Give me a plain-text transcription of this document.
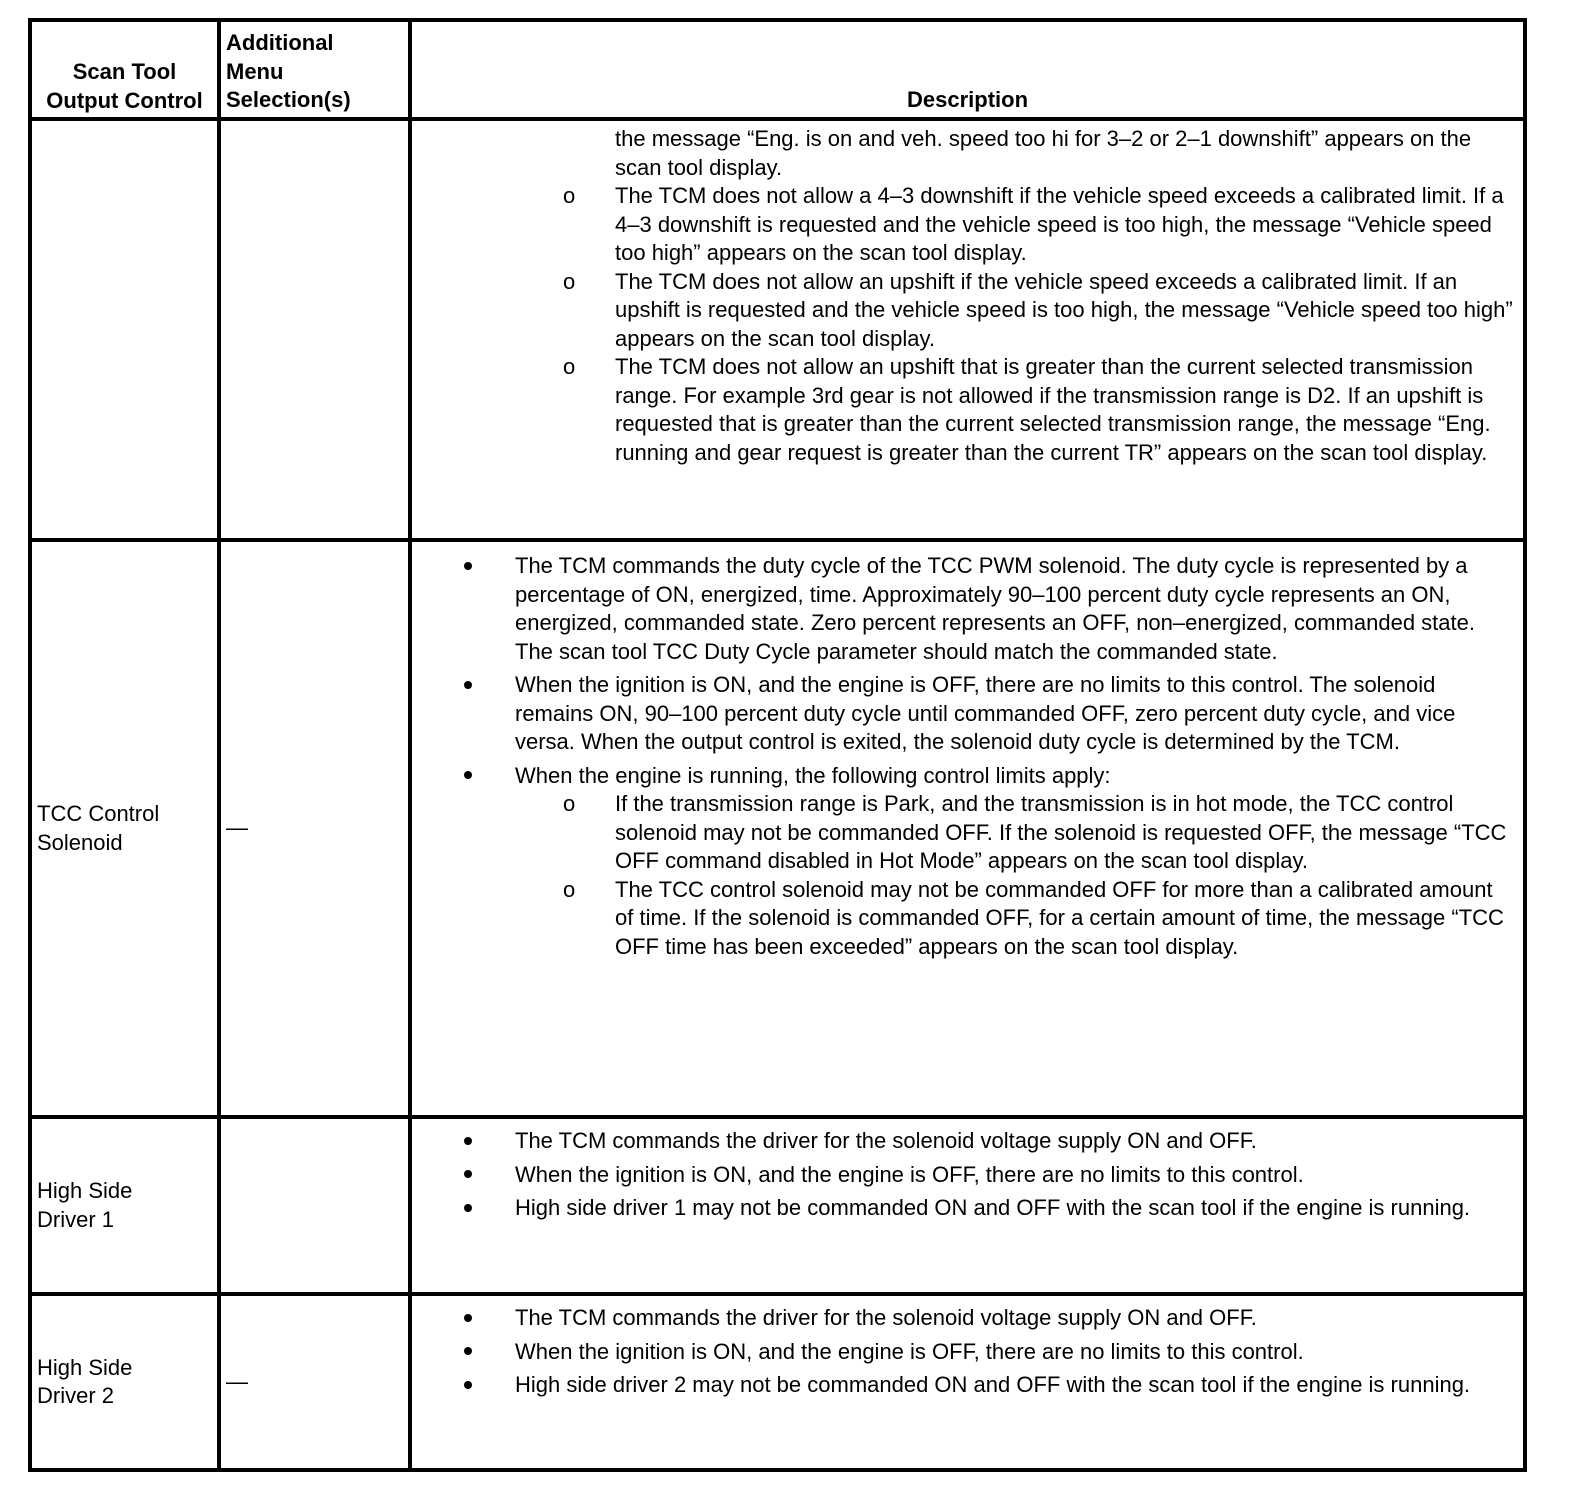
Scan Tool
Output Control
Additional
Menu
Selection(s)	Description
the message “Eng. is on and veh. speed too hi for 3–2 or 2–1 downshift” appears on the scan tool display.
o The TCM does not allow a 4–3 downshift if the vehicle speed exceeds a calibrated limit. If a 4–3 downshift is requested and the vehicle speed is too high, the message “Vehicle speed too high” appears on the scan tool display.
o The TCM does not allow an upshift if the vehicle speed exceeds a calibrated limit. If an upshift is requested and the vehicle speed is too high, the message “Vehicle speed too high” appears on the scan tool display.
o The TCM does not allow an upshift that is greater than the current selected transmission range. For example 3rd gear is not allowed if the transmission range is D2. If an upshift is requested that is greater than the current selected transmission range, the message “Eng. running and gear request is greater than the current TR” appears on the scan tool display.
TCC Control Solenoid
—
The TCM commands the duty cycle of the TCC PWM solenoid. The duty cycle is represented by a percentage of ON, energized, time. Approximately 90–100 percent duty cycle represents an ON, energized, commanded state. Zero percent represents an OFF, non–energized, commanded state. The scan tool TCC Duty Cycle parameter should match the commanded state.
When the ignition is ON, and the engine is OFF, there are no limits to this control. The solenoid remains ON, 90–100 percent duty cycle until commanded OFF, zero percent duty cycle, and vice versa. When the output control is exited, the solenoid duty cycle is determined by the TCM.
When the engine is running, the following control limits apply:
o If the transmission range is Park, and the transmission is in hot mode, the TCC control solenoid may not be commanded OFF. If the solenoid is requested OFF, the message “TCC OFF command disabled in Hot Mode” appears on the scan tool display.
o The TCC control solenoid may not be commanded OFF for more than a calibrated amount of time. If the solenoid is commanded OFF, for a certain amount of time, the message “TCC OFF time has been exceeded” appears on the scan tool display.
High Side Driver 1
The TCM commands the driver for the solenoid voltage supply ON and OFF.
When the ignition is ON, and the engine is OFF, there are no limits to this control.
High side driver 1 may not be commanded ON and OFF with the scan tool if the engine is running.
High Side Driver 2
—
The TCM commands the driver for the solenoid voltage supply ON and OFF.
When the ignition is ON, and the engine is OFF, there are no limits to this control.
High side driver 2 may not be commanded ON and OFF with the scan tool if the engine is running.
